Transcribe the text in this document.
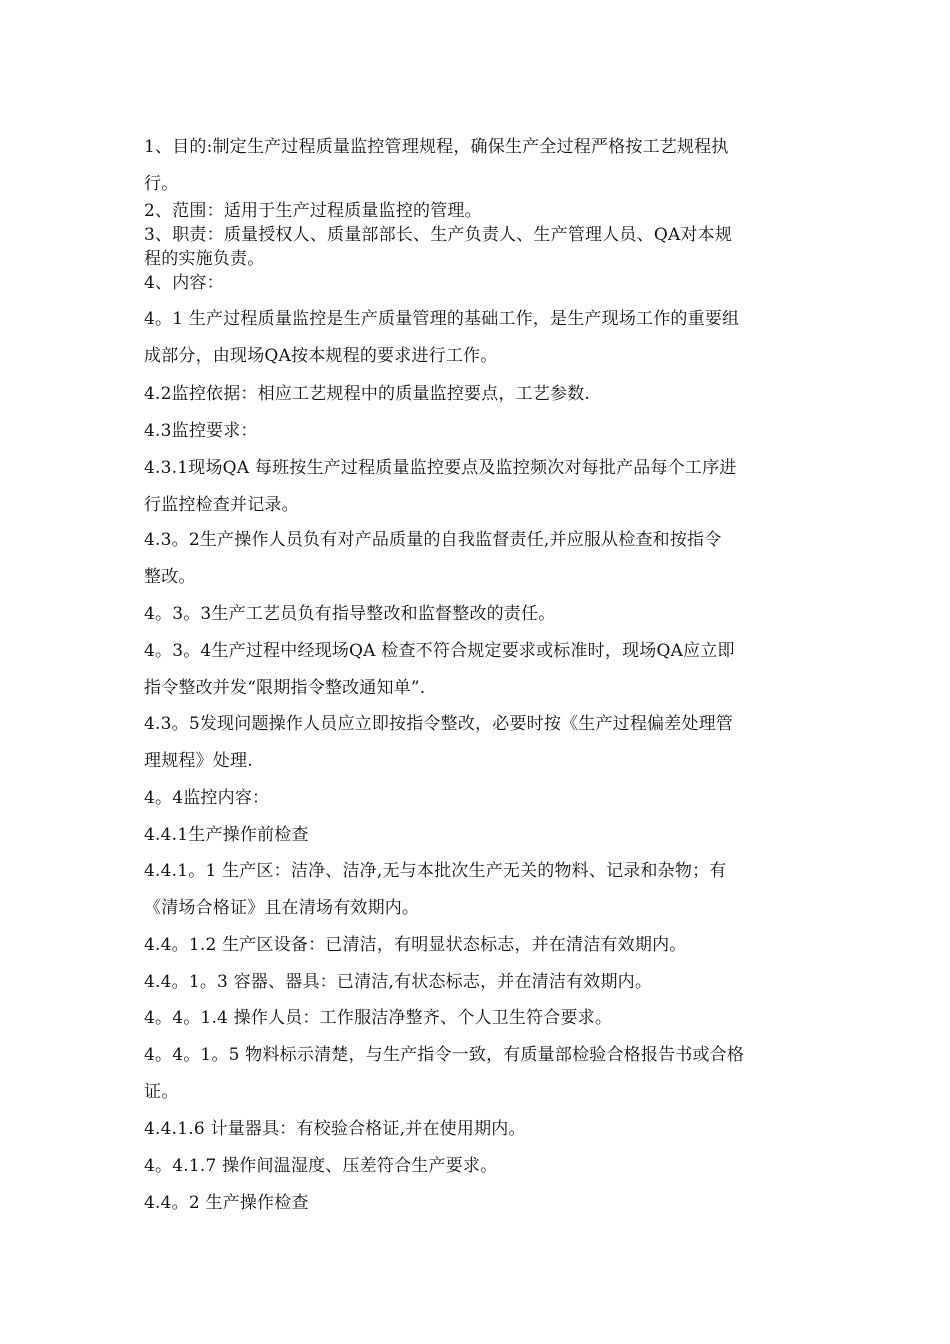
1、目的:制定生产过程质量监控管理规程，确保生产全过程严格按工艺规程执
行。
2、范围：适用于生产过程质量监控的管理。
3、职责：质量授权人、质量部部长、生产负责人、生产管理人员、QA对本规
程的实施负责。
4、内容：
4。1 生产过程质量监控是生产质量管理的基础工作，是生产现场工作的重要组
成部分，由现场QA按本规程的要求进行工作。
4.2监控依据：相应工艺规程中的质量监控要点，工艺参数.
4.3监控要求：
4.3.1现场QA 每班按生产过程质量监控要点及监控频次对每批产品每个工序进
行监控检查并记录。
4.3。2生产操作人员负有对产品质量的自我监督责任,并应服从检查和按指令
整改。
4。3。3生产工艺员负有指导整改和监督整改的责任。
4。3。4生产过程中经现场QA 检查不符合规定要求或标准时，现场QA应立即
指令整改并发“限期指令整改通知单”.
4.3。5发现问题操作人员应立即按指令整改，必要时按《生产过程偏差处理管
理规程》处理.
4。4监控内容：
4.4.1生产操作前检查
4.4.1。1 生产区：洁净、洁净,无与本批次生产无关的物料、记录和杂物；有
《清场合格证》且在清场有效期内。
4.4。1.2 生产区设备：已清洁，有明显状态标志，并在清洁有效期内。
4.4。1。3 容器、器具：已清洁,有状态标志，并在清洁有效期内。
4。4。1.4 操作人员：工作服洁净整齐、个人卫生符合要求。
4。4。1。5 物料标示清楚，与生产指令一致，有质量部检验合格报告书或合格
证。
4.4.1.6 计量器具：有校验合格证,并在使用期内。
4。4.1.7 操作间温湿度、压差符合生产要求。
4.4。2 生产操作检查
